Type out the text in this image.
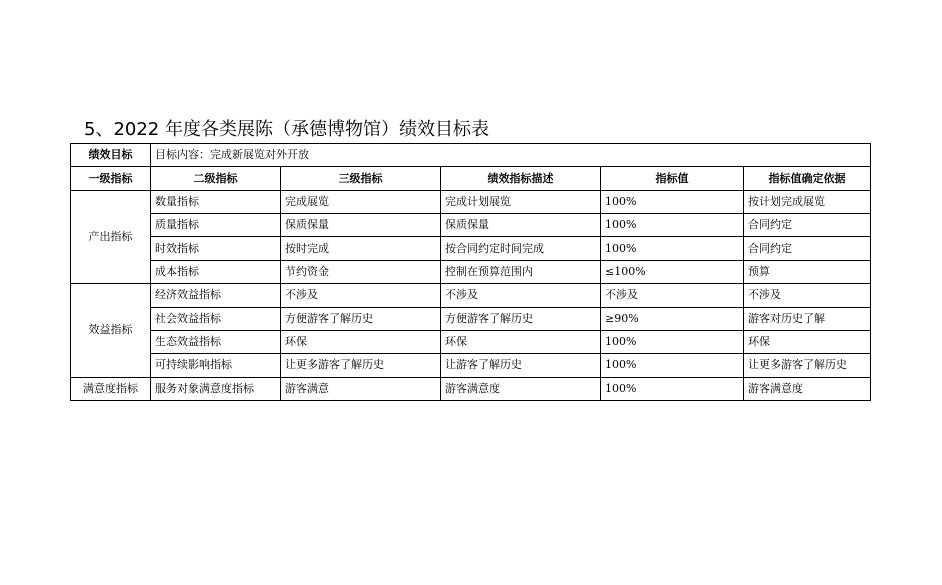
5、2022 年度各类展陈（承德博物馆）绩效目标表
绩效目标	目标内容：完成新展览对外开放				
一级指标	二级指标	三级指标	绩效指标描述	指标值	指标值确定依据
产出指标	数量指标	完成展览	完成计划展览	100%	按计划完成展览
	质量指标	保质保量	保质保量	100%	合同约定
	时效指标	按时完成	按合同约定时间完成	100%	合同约定
	成本指标	节约资金	控制在预算范围内	≤100%	预算
效益指标	经济效益指标	不涉及	不涉及	不涉及	不涉及
	社会效益指标	方便游客了解历史	方便游客了解历史	≥90%	游客对历史了解
	生态效益指标	环保	环保	100%	环保
	可持续影响指标	让更多游客了解历史	让游客了解历史	100%	让更多游客了解历史
满意度指标	服务对象满意度指标	游客满意	游客满意度	100%	游客满意度
